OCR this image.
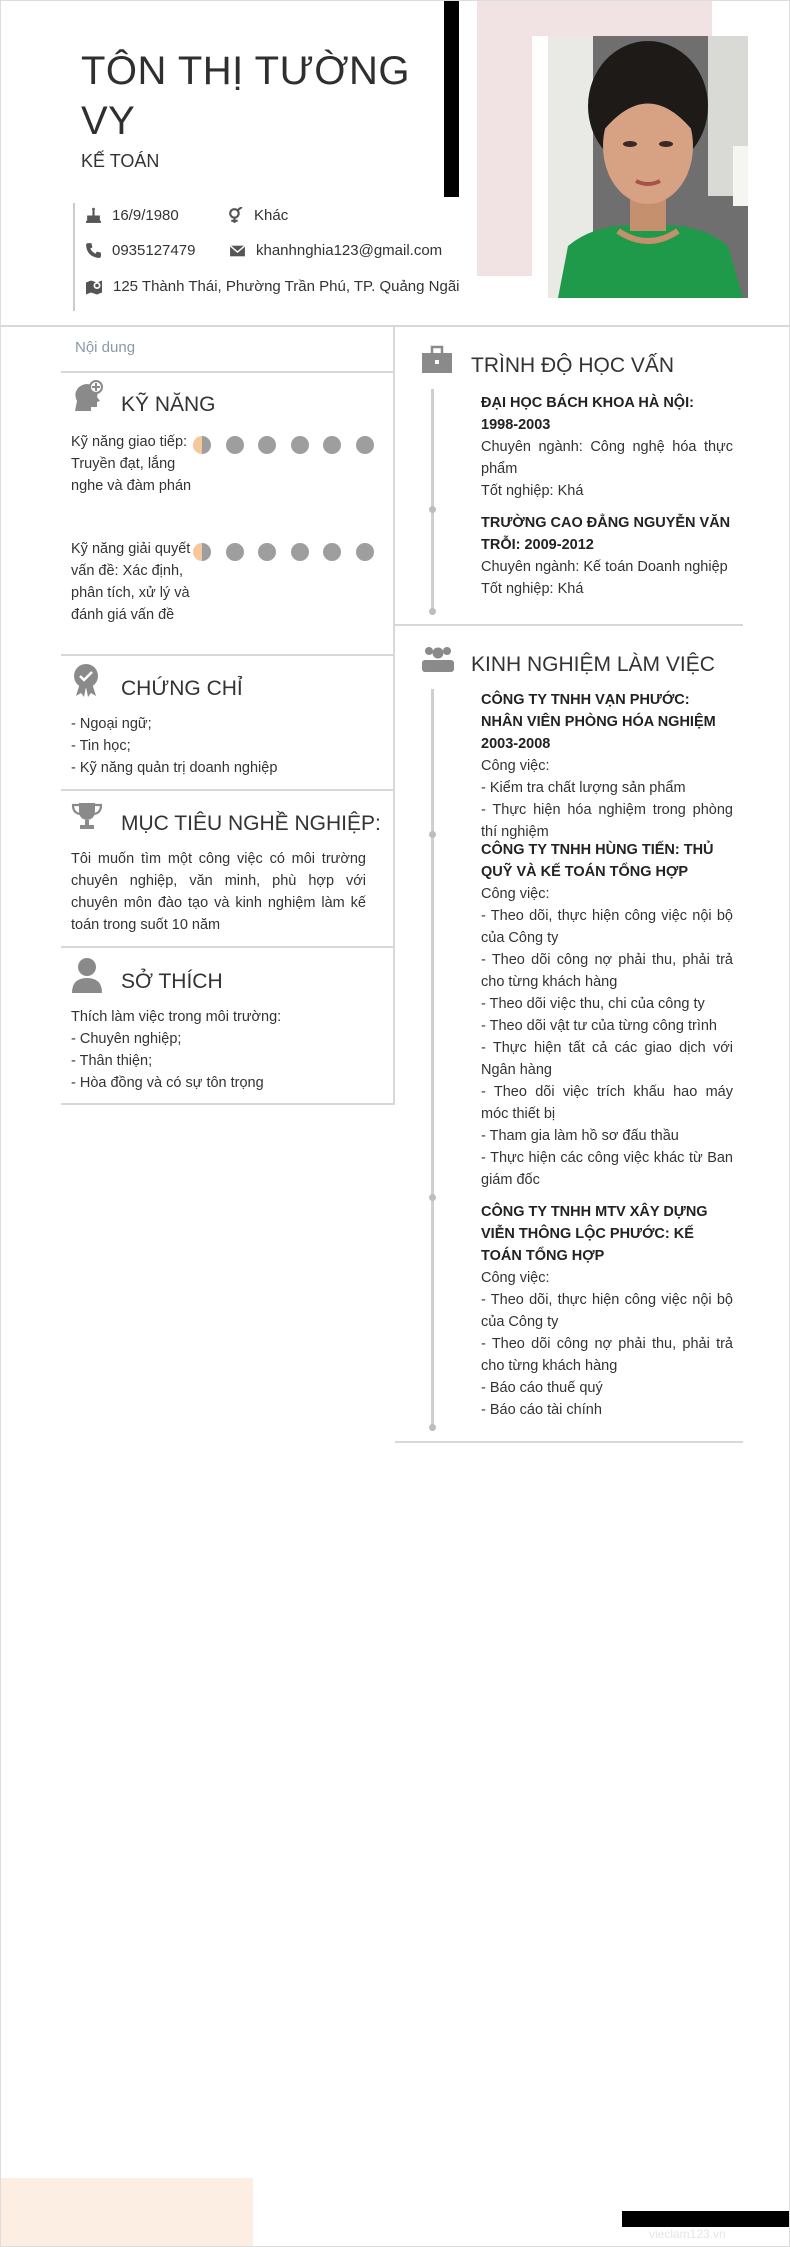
TÔN THỊ TƯỜNG VY
KẾ TOÁN
16/9/1980	Khác
0935127479	khanhnghia123@gmail.com
125 Thành Thái, Phường Trần Phú, TP. Quảng Ngãi
Nội dung
KỸ NĂNG
Kỹ năng giao tiếp: Truyền đạt, lắng nghe và đàm phán
Kỹ năng giải quyết vấn đề: Xác định, phân tích, xử lý và đánh giá vấn đề
CHỨNG CHỈ
- Ngoại ngữ;
- Tin học;
- Kỹ năng quản trị doanh nghiệp
MỤC TIÊU NGHỀ NGHIỆP:
Tôi muốn tìm một công việc có môi trường chuyên nghiệp, văn minh, phù hợp với chuyên môn đào tạo và kinh nghiệm làm kế toán trong suốt 10 năm
SỞ THÍCH
Thích làm việc trong môi trường:
- Chuyên nghiệp;
- Thân thiện;
- Hòa đồng và có sự tôn trọng
TRÌNH ĐỘ HỌC VẤN
ĐẠI HỌC BÁCH KHOA HÀ NỘI: 1998-2003
Chuyên ngành: Công nghệ hóa thực phẩm
Tốt nghiệp: Khá
TRƯỜNG CAO ĐẲNG NGUYỄN VĂN TRỖI: 2009-2012
Chuyên ngành: Kế toán Doanh nghiệp
Tốt nghiệp: Khá
KINH NGHIỆM LÀM VIỆC
CÔNG TY TNHH VẠN PHƯỚC: NHÂN VIÊN PHÒNG HÓA NGHIỆM 2003-2008
Công việc:
- Kiểm tra chất lượng sản phẩm
- Thực hiện hóa nghiệm trong phòng thí nghiệm
CÔNG TY TNHH HÙNG TIẾN: THỦ QUỸ VÀ KẾ TOÁN TỔNG HỢP
Công việc:
- Theo dõi, thực hiện công việc nội bộ của Công ty
- Theo dõi công nợ phải thu, phải trả cho từng khách hàng
- Theo dõi việc thu, chi của công ty
- Theo dõi vật tư của từng công trình
- Thực hiện tất cả các giao dịch với Ngân hàng
- Theo dõi việc trích khấu hao máy móc thiết bị
- Tham gia làm hồ sơ đấu thầu
- Thực hiện các công việc khác từ Ban giám đốc
CÔNG TY TNHH MTV XÂY DỰNG VIỄN THÔNG LỘC PHƯỚC: KẾ TOÁN TỔNG HỢP
Công việc:
- Theo dõi, thực hiện công việc nội bộ của Công ty
- Theo dõi công nợ phải thu, phải trả cho từng khách hàng
- Báo cáo thuế quý
- Báo cáo tài chính
vieclam123.vn
